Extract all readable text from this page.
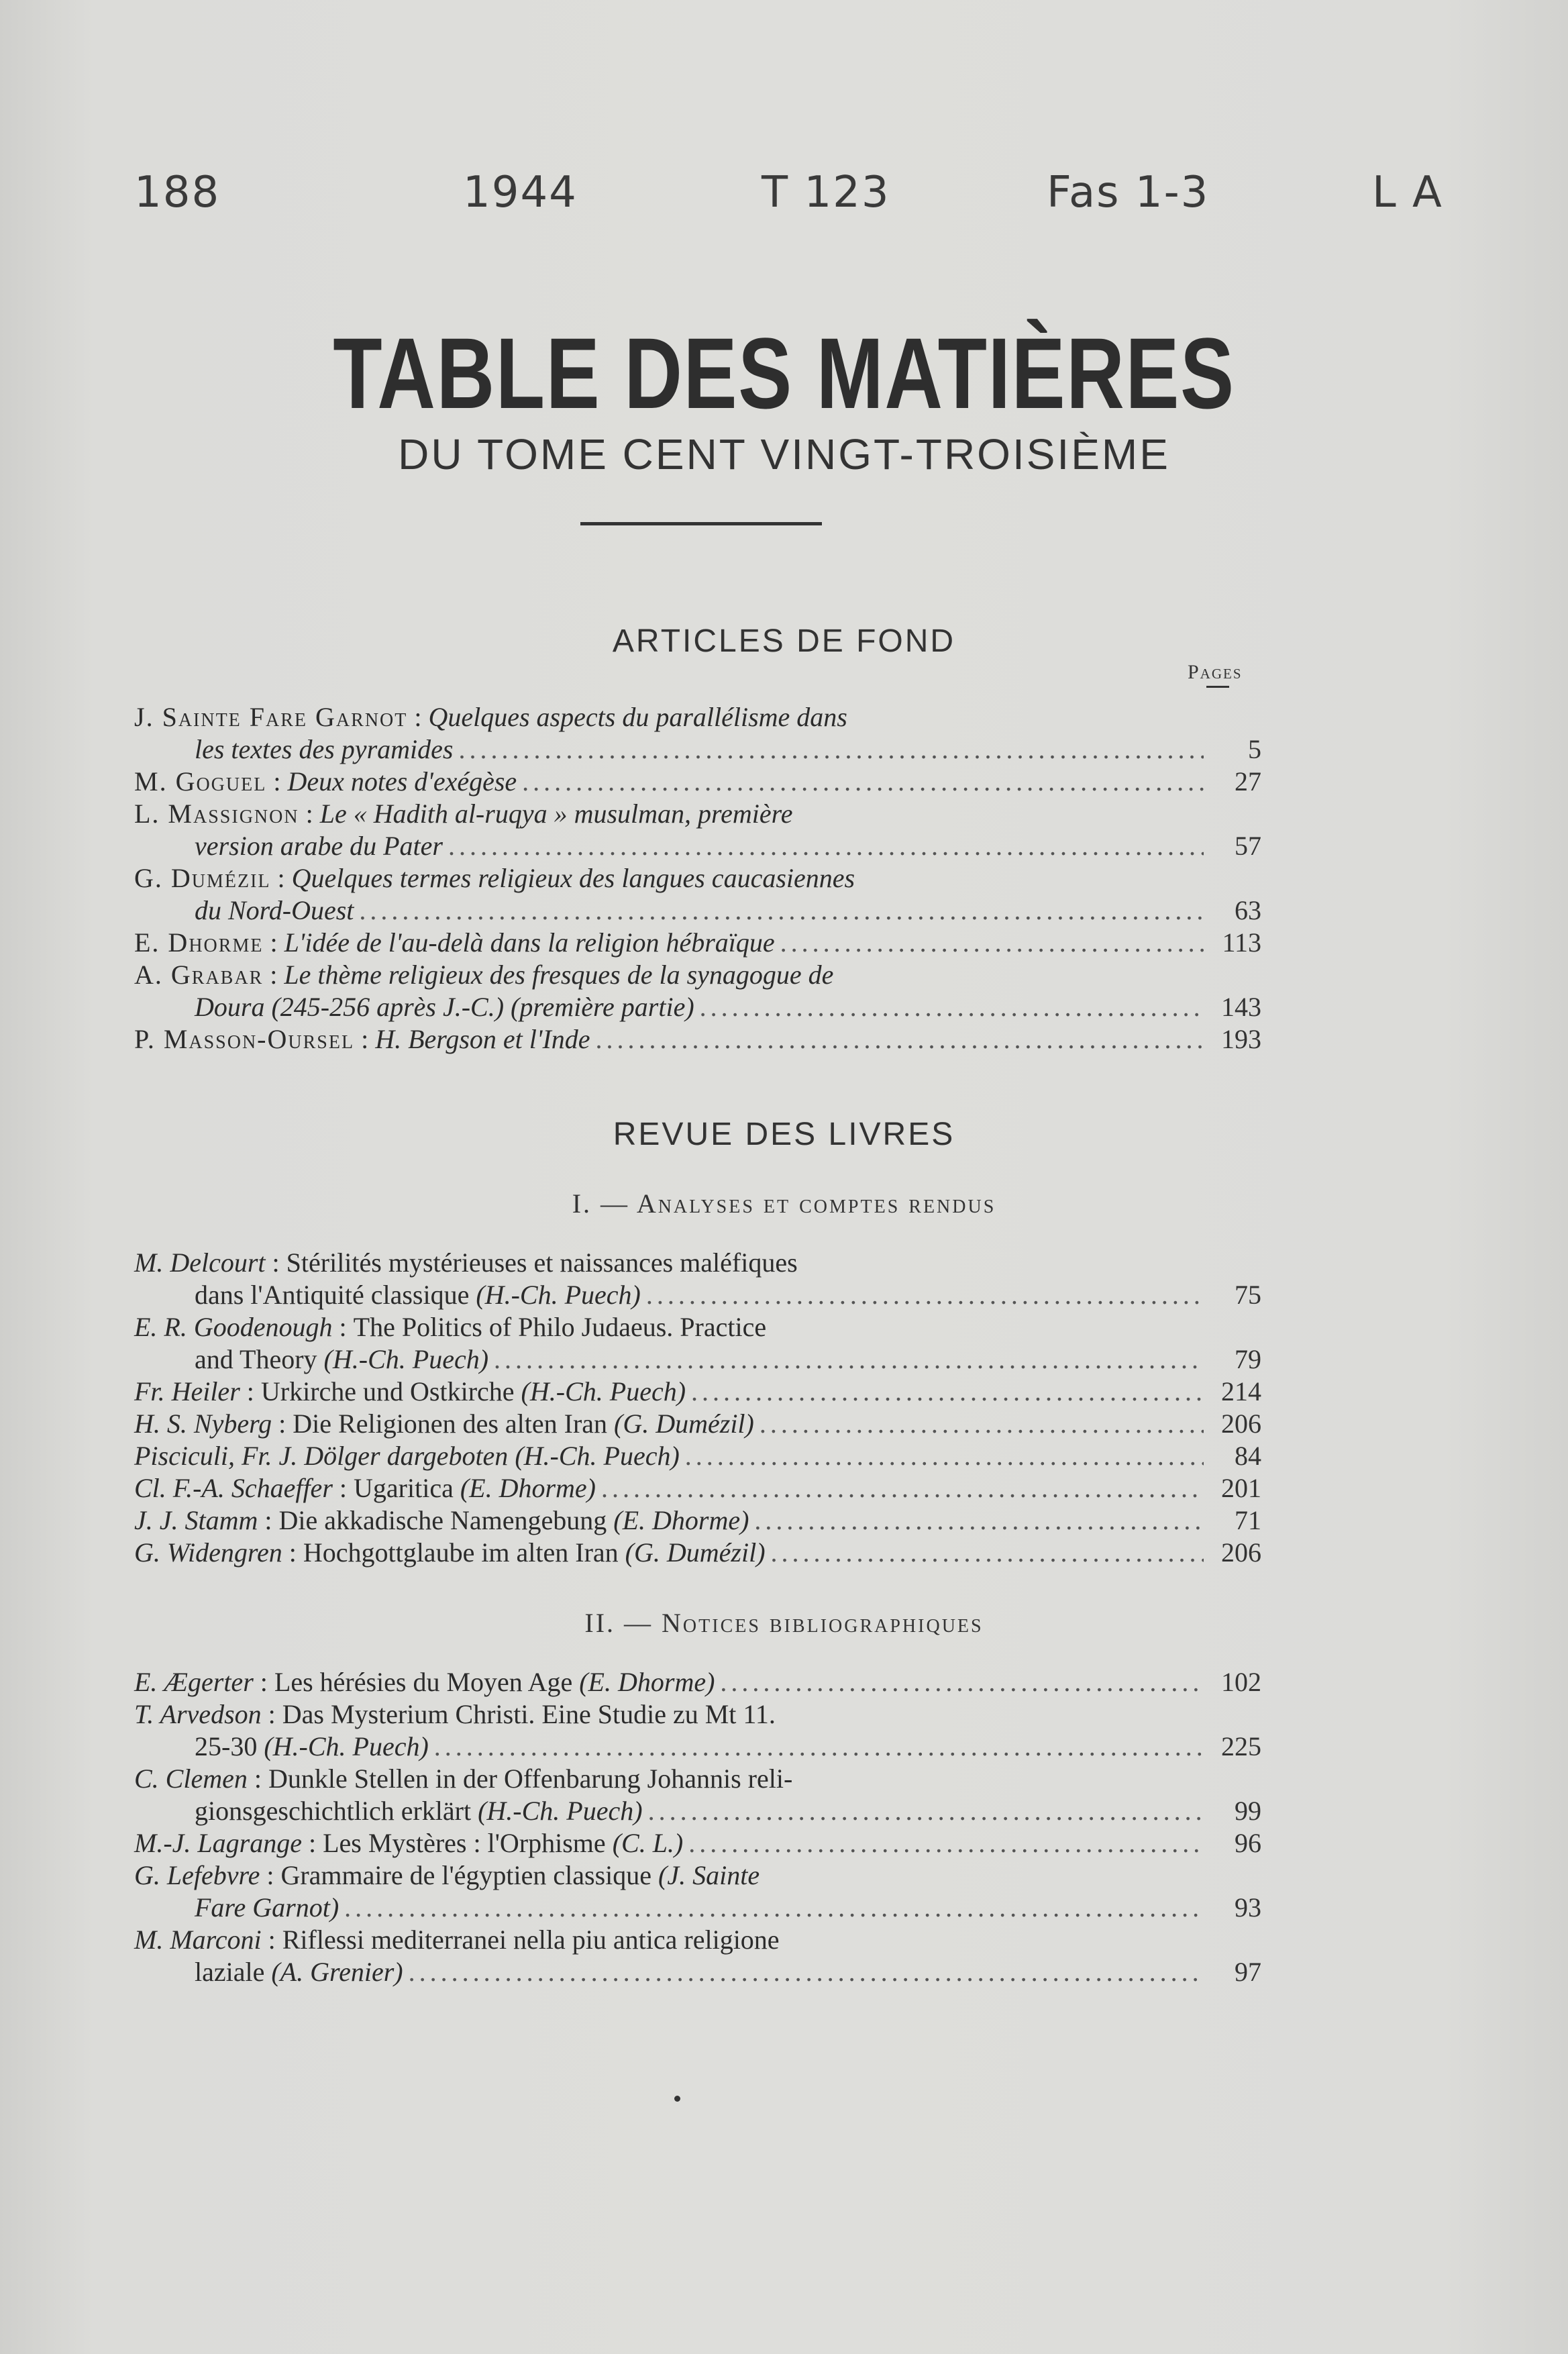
188	1944	T 123	Fas 1-3	L A
TABLE DES MATIÈRES
DU TOME CENT VINGT-TROISIÈME
ARTICLES DE FOND
Pages
J. Sainte Fare Garnot : Quelques aspects du parallélisme dans
les textes des pyramides .....	5
M. Goguel : Deux notes d'exégèse .....	27
L. Massignon : Le « Hadith al-ruqya » musulman, première
version arabe du Pater .....	57
G. Dumézil : Quelques termes religieux des langues caucasiennes
du Nord-Ouest .....	63
E. Dhorme : L'idée de l'au-delà dans la religion hébraïque .....	113
A. Grabar : Le thème religieux des fresques de la synagogue de
Doura (245-256 après J.-C.) (première partie) .....	143
P. Masson-Oursel : H. Bergson et l'Inde .....	193
REVUE DES LIVRES
I. — Analyses et comptes rendus
M. Delcourt : Stérilités mystérieuses et naissances maléfiques
dans l'Antiquité classique
(H.-Ch. Puech) .....	75
E. R. Goodenough : The Politics of Philo Judaeus. Practice
and Theory
(H.-Ch. Puech) .....	79
Fr. Heiler : Urkirche und Ostkirche
(H.-Ch. Puech) .....	214
H. S. Nyberg : Die Religionen des alten Iran
(G. Dumézil) .....	206
Pisciculi, Fr. J. Dölger dargeboten
(H.-Ch. Puech) .....	84
Cl. F.-A. Schaeffer : Ugaritica
(E. Dhorme) .....	201
J. J. Stamm : Die akkadische Namengebung
(E. Dhorme) .....	71
G. Widengren : Hochgottglaube im alten Iran
(G. Dumézil) .....	206
II. — Notices bibliographiques
E. Ægerter : Les hérésies du Moyen Age
(E. Dhorme) .....	102
T. Arvedson : Das Mysterium Christi. Eine Studie zu Mt 11.
25-30
(H.-Ch. Puech) .....	225
C. Clemen : Dunkle Stellen in der Offenbarung Johannis reli-
gionsgeschichtlich erklärt
(H.-Ch. Puech) .....	99
M.-J. Lagrange : Les Mystères : l'Orphisme
(C. L.) .....	96
G. Lefebvre : Grammaire de l'égyptien classique
(J. Sainte
Fare Garnot) .....	93
M. Marconi : Riflessi mediterranei nella piu antica religione
laziale
(A. Grenier) .....	97
